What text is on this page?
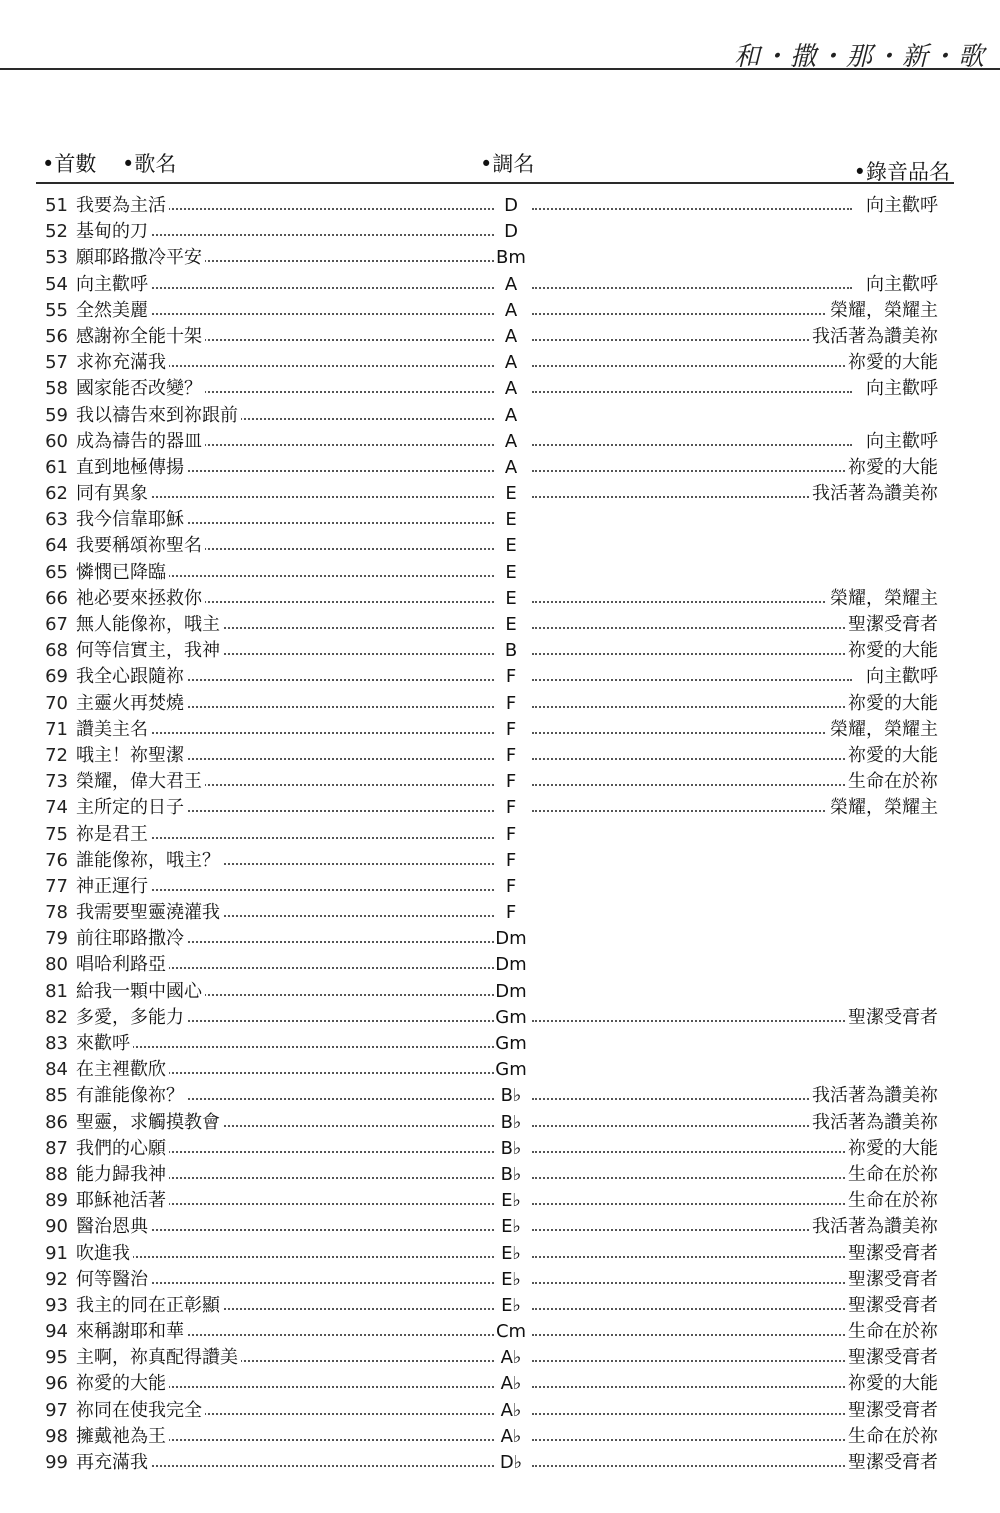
和・撒・那・新・歌
•首數 •歌名	•調名	•錄音品名
51 我要為主活	D	向主歡呼
52 基甸的刀	D
53 願耶路撒冷平安	Bm
54 向主歡呼	A	向主歡呼
55 全然美麗	A	榮耀，榮耀主
56 感謝祢全能十架	A	我活著為讚美祢
57 求祢充滿我	A	祢愛的大能
58 國家能否改變？	A	向主歡呼
59 我以禱告來到祢跟前	A
60 成為禱告的器皿	A	向主歡呼
61 直到地極傳揚	A	祢愛的大能
62 同有異象	E	我活著為讚美祢
63 我今信靠耶穌	E
64 我要稱頌祢聖名	E
65 憐憫已降臨	E
66 祂必要來拯救你	E	榮耀，榮耀主
67 無人能像祢，哦主	E	聖潔受膏者
68 何等信實主，我神	B	祢愛的大能
69 我全心跟隨祢	F	向主歡呼
70 主靈火再焚燒	F	祢愛的大能
71 讚美主名	F	榮耀，榮耀主
72 哦主！祢聖潔	F	祢愛的大能
73 榮耀，偉大君王	F	生命在於祢
74 主所定的日子	F	榮耀，榮耀主
75 祢是君王	F
76 誰能像祢，哦主？	F
77 神正運行	F
78 我需要聖靈澆灌我	F
79 前往耶路撒冷	Dm
80 唱哈利路亞	Dm
81 給我一顆中國心	Dm
82 多愛，多能力	Gm	聖潔受膏者
83 來歡呼	Gm
84 在主裡歡欣	Gm
85 有誰能像祢？	B♭	我活著為讚美祢
86 聖靈，求觸摸教會	B♭	我活著為讚美祢
87 我們的心願	B♭	祢愛的大能
88 能力歸我神	B♭	生命在於祢
89 耶穌祂活著	E♭	生命在於祢
90 醫治恩典	E♭	我活著為讚美祢
91 吹進我	E♭	聖潔受膏者
92 何等醫治	E♭	聖潔受膏者
93 我主的同在正彰顯	E♭	聖潔受膏者
94 來稱謝耶和華	Cm	生命在於祢
95 主啊，祢真配得讚美	A♭	聖潔受膏者
96 祢愛的大能	A♭	祢愛的大能
97 祢同在使我完全	A♭	聖潔受膏者
98 擁戴祂為王	A♭	生命在於祢
99 再充滿我	D♭	聖潔受膏者
